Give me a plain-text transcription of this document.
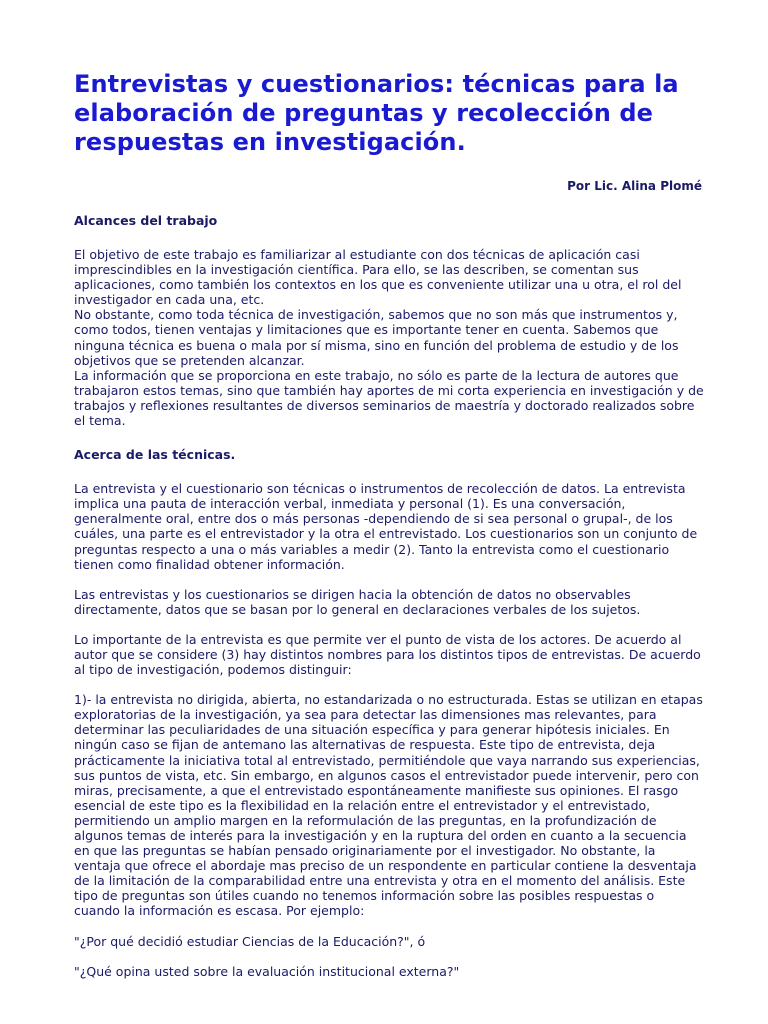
Entrevistas y cuestionarios: técnicas para la elaboración de preguntas y recolección de respuestas en investigación.
Por Lic. Alina Plomé
Alcances del trabajo

El objetivo de este trabajo es familiarizar al estudiante con dos técnicas de aplicación casi imprescindibles en la investigación científica. Para ello, se las describen, se comentan sus aplicaciones, como también los contextos en los que es conveniente utilizar una u otra, el rol del investigador en cada una, etc.

No obstante, como toda técnica de investigación, sabemos que no son más que instrumentos y, como todos, tienen ventajas y limitaciones que es importante tener en cuenta. Sabemos que ninguna técnica es buena o mala por sí misma, sino en función del problema de estudio y de los objetivos que se pretenden alcanzar.

La información que se proporciona en este trabajo, no sólo es parte de la lectura de autores que trabajaron estos temas, sino que también hay aportes de mi corta experiencia en investigación y de trabajos y reflexiones resultantes de diversos seminarios de maestría y doctorado realizados sobre el tema.

Acerca de las técnicas.

La entrevista y el cuestionario son técnicas o instrumentos de recolección de datos. La entrevista implica una pauta de interacción verbal, inmediata y personal (1). Es una conversación, generalmente oral, entre dos o más personas -dependiendo de si sea personal o grupal-, de los cuáles, una parte es el entrevistador y la otra el entrevistado. Los cuestionarios son un conjunto de preguntas respecto a una o más variables a medir (2). Tanto la entrevista como el cuestionario tienen como finalidad obtener información.

Las entrevistas y los cuestionarios se dirigen hacia la obtención de datos no observables directamente, datos que se basan por lo general en declaraciones verbales de los sujetos.

Lo importante de la entrevista es que permite ver el punto de vista de los actores. De acuerdo al autor que se considere (3) hay distintos nombres para los distintos tipos de entrevistas. De acuerdo al tipo de investigación, podemos distinguir:

1)- la entrevista no dirigida, abierta, no estandarizada o no estructurada. Estas se utilizan en etapas exploratorias de la investigación, ya sea para detectar las dimensiones mas relevantes, para determinar las peculiaridades de una situación específica y para generar hipótesis iniciales. En ningún caso se fijan de antemano las alternativas de respuesta. Este tipo de entrevista, deja prácticamente la iniciativa total al entrevistado, permitiéndole que vaya narrando sus experiencias, sus puntos de vista, etc. Sin embargo, en algunos casos el entrevistador puede intervenir, pero con miras, precisamente, a que el entrevistado espontáneamente manifieste sus opiniones. El rasgo esencial de este tipo es la flexibilidad en la relación entre el entrevistador y el entrevistado, permitiendo un amplio margen en la reformulación de las preguntas, en la profundización de algunos temas de interés para la investigación y en la ruptura del orden en cuanto a la secuencia en que las preguntas se habían pensado originariamente por el investigador. No obstante, la ventaja que ofrece el abordaje mas preciso de un respondente en particular contiene la desventaja de la limitación de la comparabilidad entre una entrevista y otra en el momento del análisis. Este tipo de preguntas son útiles cuando no tenemos información sobre las posibles respuestas o cuando la información es escasa. Por ejemplo:

"¿Por qué decidió estudiar Ciencias de la Educación?", ó

"¿Qué opina usted sobre la evaluación institucional externa?"
